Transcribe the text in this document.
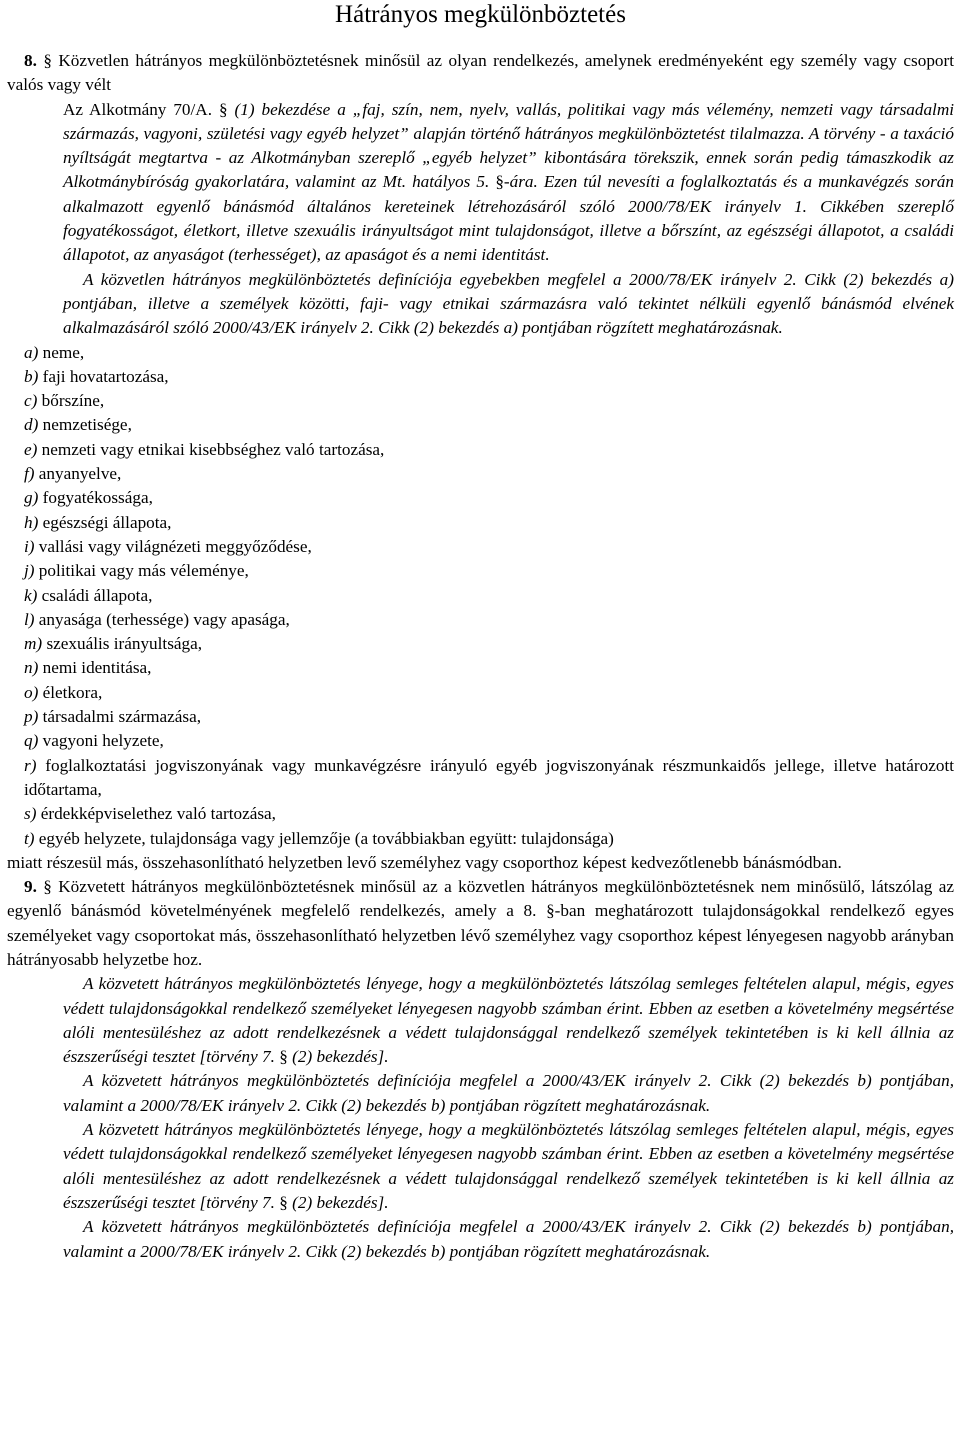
Hátrányos megkülönböztetés

8. § Közvetlen hátrányos megkülönböztetésnek minősül az olyan rendelkezés, amelynek eredményeként egy személy vagy csoport valós vagy vélt

Az Alkotmány 70/A. § (1) bekezdése a „faj, szín, nem, nyelv, vallás, politikai vagy más vélemény, nemzeti vagy társadalmi származás, vagyoni, születési vagy egyéb helyzet” alapján történő hátrányos megkülönböztetést tilalmazza. A törvény - a taxáció nyíltságát megtartva - az Alkotmányban szereplő „egyéb helyzet” kibontására törekszik, ennek során pedig támaszkodik az Alkotmánybíróság gyakorlatára, valamint az Mt. hatályos 5. §-ára. Ezen túl nevesíti a foglalkoztatás és a munkavégzés során alkalmazott egyenlő bánásmód általános kereteinek létrehozásáról szóló 2000/78/EK irányelv 1. Cikkében szereplő fogyatékosságot, életkort, illetve szexuális irányultságot mint tulajdonságot, illetve a bőrszínt, az egészségi állapotot, a családi állapotot, az anyaságot (terhességet), az apaságot és a nemi identitást.

A közvetlen hátrányos megkülönböztetés definíciója egyebekben megfelel a 2000/78/EK irányelv 2. Cikk (2) bekezdés a) pontjában, illetve a személyek közötti, faji- vagy etnikai származásra való tekintet nélküli egyenlő bánásmód elvének alkalmazásáról szóló 2000/43/EK irányelv 2. Cikk (2) bekezdés a) pontjában rögzített meghatározásnak.

a) neme,

b) faji hovatartozása,

c) bőrszíne,

d) nemzetisége,

e) nemzeti vagy etnikai kisebbséghez való tartozása,

f) anyanyelve,

g) fogyatékossága,

h) egészségi állapota,

i) vallási vagy világnézeti meggyőződése,

j) politikai vagy más véleménye,

k) családi állapota,

l) anyasága (terhessége) vagy apasága,

m) szexuális irányultsága,

n) nemi identitása,

o) életkora,

p) társadalmi származása,

q) vagyoni helyzete,

r) foglalkoztatási jogviszonyának vagy munkavégzésre irányuló egyéb jogviszonyának részmunkaidős jellege, illetve határozott időtartama,

s) érdekképviselethez való tartozása,

t) egyéb helyzete, tulajdonsága vagy jellemzője (a továbbiakban együtt: tulajdonsága)

miatt részesül más, összehasonlítható helyzetben levő személyhez vagy csoporthoz képest kedvezőtlenebb bánásmódban.

9. § Közvetett hátrányos megkülönböztetésnek minősül az a közvetlen hátrányos megkülönböztetésnek nem minősülő, látszólag az egyenlő bánásmód követelményének megfelelő rendelkezés, amely a 8. §-ban meghatározott tulajdonságokkal rendelkező egyes személyeket vagy csoportokat más, összehasonlítható helyzetben lévő személyhez vagy csoporthoz képest lényegesen nagyobb arányban hátrányosabb helyzetbe hoz.

A közvetett hátrányos megkülönböztetés lényege, hogy a megkülönböztetés látszólag semleges feltételen alapul, mégis, egyes védett tulajdonságokkal rendelkező személyeket lényegesen nagyobb számban érint. Ebben az esetben a követelmény megsértése alóli mentesüléshez az adott rendelkezésnek a védett tulajdonsággal rendelkező személyek tekintetében is ki kell állnia az észszerűségi tesztet [törvény 7. § (2) bekezdés].

A közvetett hátrányos megkülönböztetés definíciója megfelel a 2000/43/EK irányelv 2. Cikk (2) bekezdés b) pontjában, valamint a 2000/78/EK irányelv 2. Cikk (2) bekezdés b) pontjában rögzített meghatározásnak.

A közvetett hátrányos megkülönböztetés lényege, hogy a megkülönböztetés látszólag semleges feltételen alapul, mégis, egyes védett tulajdonságokkal rendelkező személyeket lényegesen nagyobb számban érint. Ebben az esetben a követelmény megsértése alóli mentesüléshez az adott rendelkezésnek a védett tulajdonsággal rendelkező személyek tekintetében is ki kell állnia az észszerűségi tesztet [törvény 7. § (2) bekezdés].

A közvetett hátrányos megkülönböztetés definíciója megfelel a 2000/43/EK irányelv 2. Cikk (2) bekezdés b) pontjában, valamint a 2000/78/EK irányelv 2. Cikk (2) bekezdés b) pontjában rögzített meghatározásnak.
